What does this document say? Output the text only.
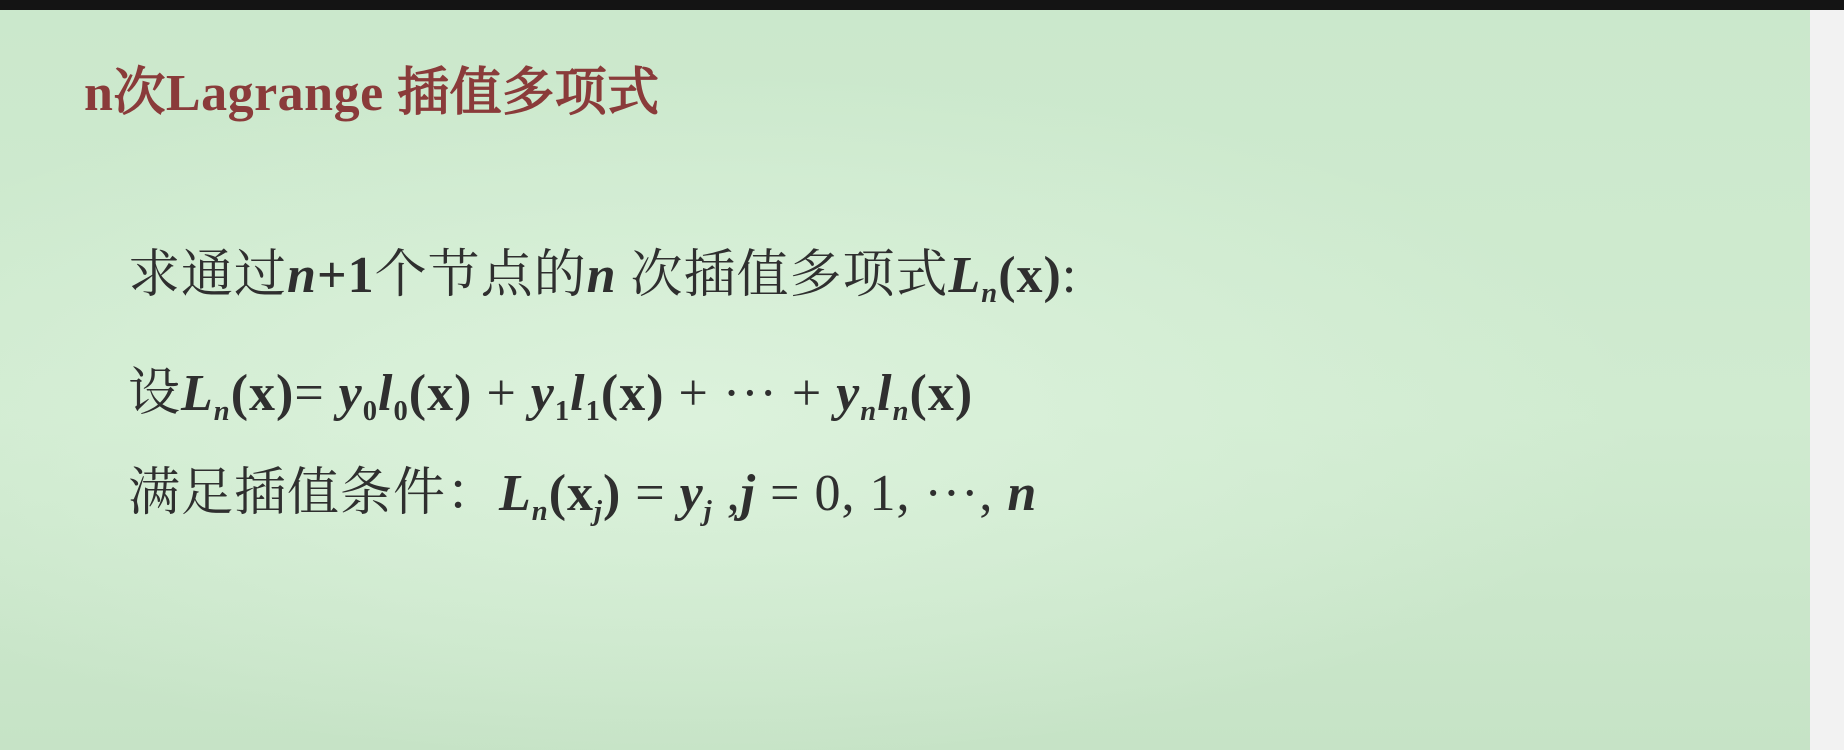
n次Lagrange 插值多项式
求通过n+1个节点的n 次插值多项式$L_n(x)$:
设$L_n(x)= y_0l_0(x) + y_1l_1(x)$ + ··· + $y_nl_n(x)$
满足插值条件：$L_n(x_j) = y_j$ ,j = 0, 1, ···, n
